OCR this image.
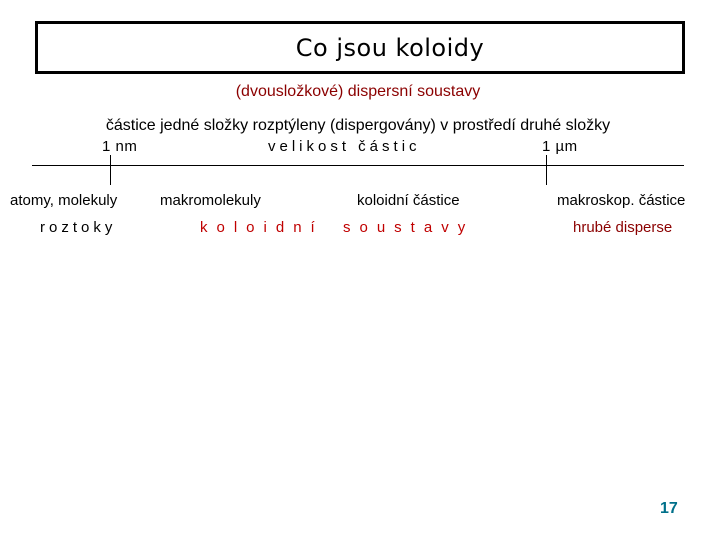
Co jsou koloidy
(dvousložkové) dispersní soustavy
částice jedné složky rozptýleny (dispergovány) v prostředí druhé složky
1 nm	velikost částic	1 µm
atomy, molekuly	makromolekuly	koloidní částice	makroskop. částice
roztoky	koloidní soustavy	hrubé disperse
17
